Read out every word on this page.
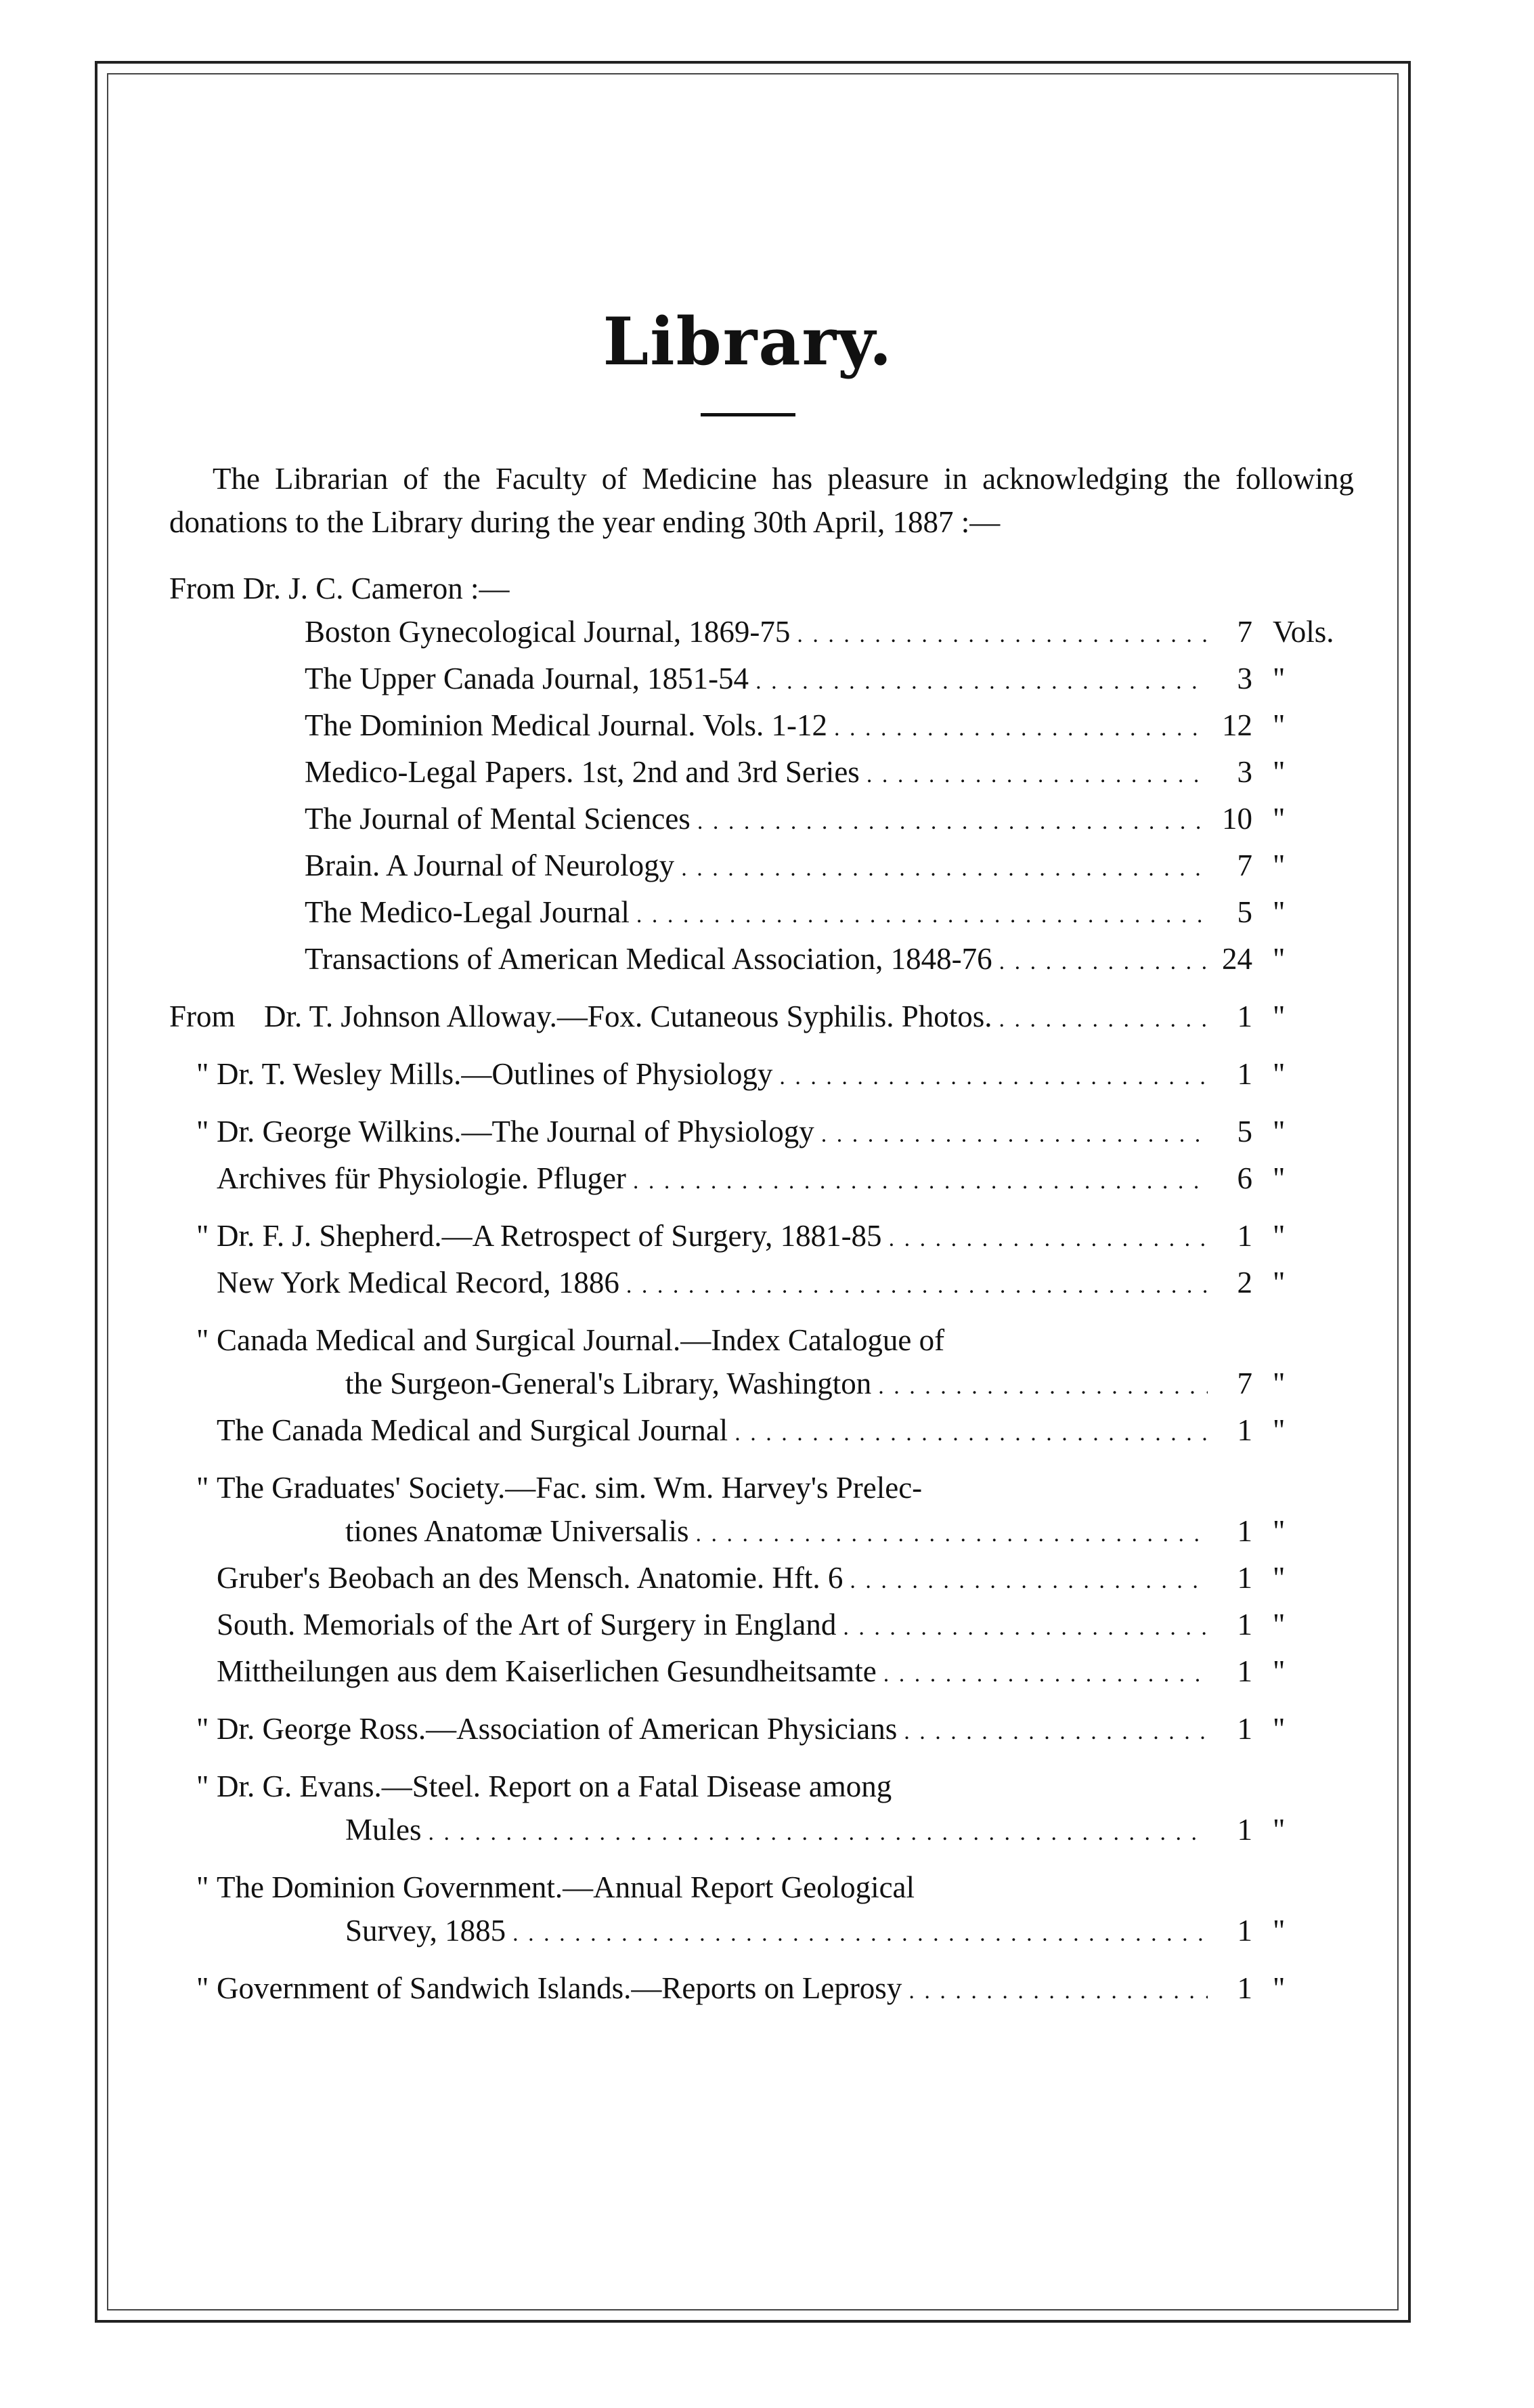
Library.

The Librarian of the Faculty of Medicine has pleasure in acknowledging the following donations to the Library during the year ending 30th April, 1887 :—

From Dr. J. C. Cameron :—
Boston Gynecological Journal, 1869-75 . . .	7 Vols.
The Upper Canada Journal, 1851-54 . . .	3 "
The Dominion Medical Journal. Vols. 1-12 . . .	12 "
Medico-Legal Papers. 1st, 2nd and 3rd Series . . .	3 "
The Journal of Mental Sciences . . .	10 "
Brain. A Journal of Neurology . . .	7 "
The Medico-Legal Journal . . .	5 "
Transactions of American Medical Association, 1848-76 . . .	24 "
From Dr. T. Johnson Alloway.—Fox. Cutaneous Syphilis. Photos. . . .	1 "
" Dr. T. Wesley Mills.—Outlines of Physiology . . .	1 "
" Dr. George Wilkins.—The Journal of Physiology . . .	5 "
Archives für Physiologie. Pfluger . . .	6 "
" Dr. F. J. Shepherd.—A Retrospect of Surgery, 1881-85 . . .	1 "
New York Medical Record, 1886 . . .	2 "
" Canada Medical and Surgical Journal.—Index Catalogue of
the Surgeon-General's Library, Washington . . .	7 "
The Canada Medical and Surgical Journal . . .	1 "
" The Graduates' Society.—Fac. sim. Wm. Harvey's Prelec-
tiones Anatomæ Universalis . . .	1 "
Gruber's Beobach an des Mensch. Anatomie. Hft. 6 . . .	1 "
South. Memorials of the Art of Surgery in England . . .	1 "
Mittheilungen aus dem Kaiserlichen Gesundheitsamte . . .	1 "
" Dr. George Ross.—Association of American Physicians . . .	1 "
" Dr. G. Evans.—Steel. Report on a Fatal Disease among
Mules . . .	1 "
" The Dominion Government.—Annual Report Geological
Survey, 1885 . . .	1 "
" Government of Sandwich Islands.—Reports on Leprosy . . .	1 "
